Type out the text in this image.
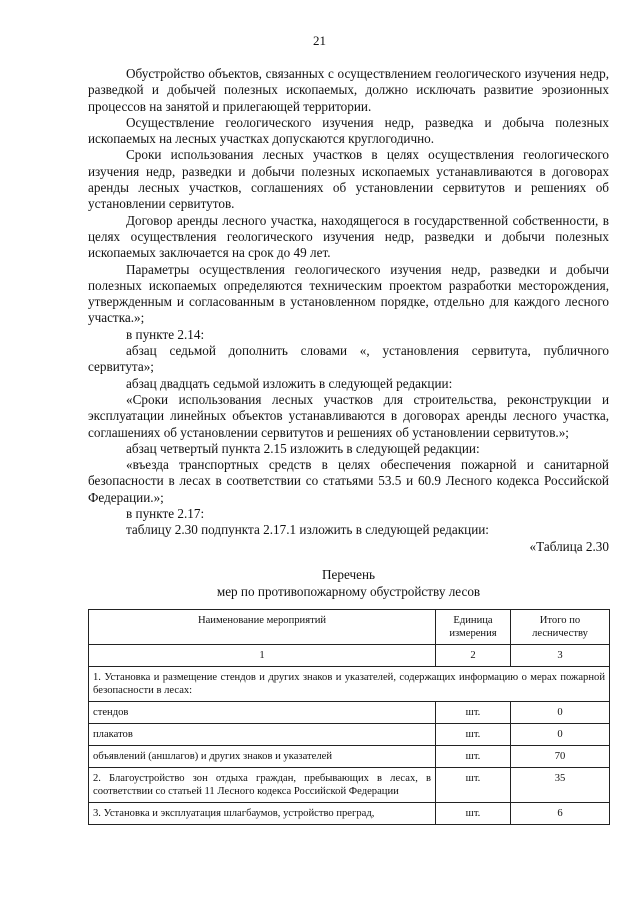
21

Обустройство объектов, связанных с осуществлением геологического изучения недр, разведкой и добычей полезных ископаемых, должно исключать развитие эрозионных процессов на занятой и прилегающей территории.

Осуществление геологического изучения недр, разведка и добыча полезных ископаемых на лесных участках допускаются круглогодично.

Сроки использования лесных участков в целях осуществления геологического изучения недр, разведки и добычи полезных ископаемых устанавливаются в договорах аренды лесных участков, соглашениях об установлении сервитутов и решениях об установлении сервитутов.

Договор аренды лесного участка, находящегося в государственной собственности, в целях осуществления геологического изучения недр, разведки и добычи полезных ископаемых заключается на срок до 49 лет.

Параметры осуществления геологического изучения недр, разведки и добычи полезных ископаемых определяются техническим проектом разработки месторождения, утвержденным и согласованным в установленном порядке, отдельно для каждого лесного участка.»;

в пункте 2.14:

абзац седьмой дополнить словами «, установления сервитута, публичного сервитута»;

абзац двадцать седьмой изложить в следующей редакции:

«Сроки использования лесных участков для строительства, реконструкции и эксплуатации линейных объектов устанавливаются в договорах аренды лесного участка, соглашениях об установлении сервитутов и решениях об установлении сервитутов.»;

абзац четвертый пункта 2.15 изложить в следующей редакции:

«въезда транспортных средств в целях обеспечения пожарной и санитарной безопасности в лесах в соответствии со статьями 53.5 и 60.9 Лесного кодекса Российской Федерации.»;

в пункте 2.17:

таблицу 2.30 подпункта 2.17.1 изложить в следующей редакции:

«Таблица 2.30

Перечень
мер по противопожарному обустройству лесов
Наименование мероприятий	Единица измерения	Итого по лесничеству
1	2	3
1. Установка и размещение стендов и других знаков и указателей, содержащих информацию о мерах пожарной безопасности в лесах:		
стендов	шт.	0
плакатов	шт.	0
объявлений (аншлагов) и других знаков и указателей	шт.	70
2. Благоустройство зон отдыха граждан, пребывающих в лесах, в соответствии со статьей 11 Лесного кодекса Российской Федерации	шт.	35
3. Установка и эксплуатация шлагбаумов, устройство преград,	шт.	6
